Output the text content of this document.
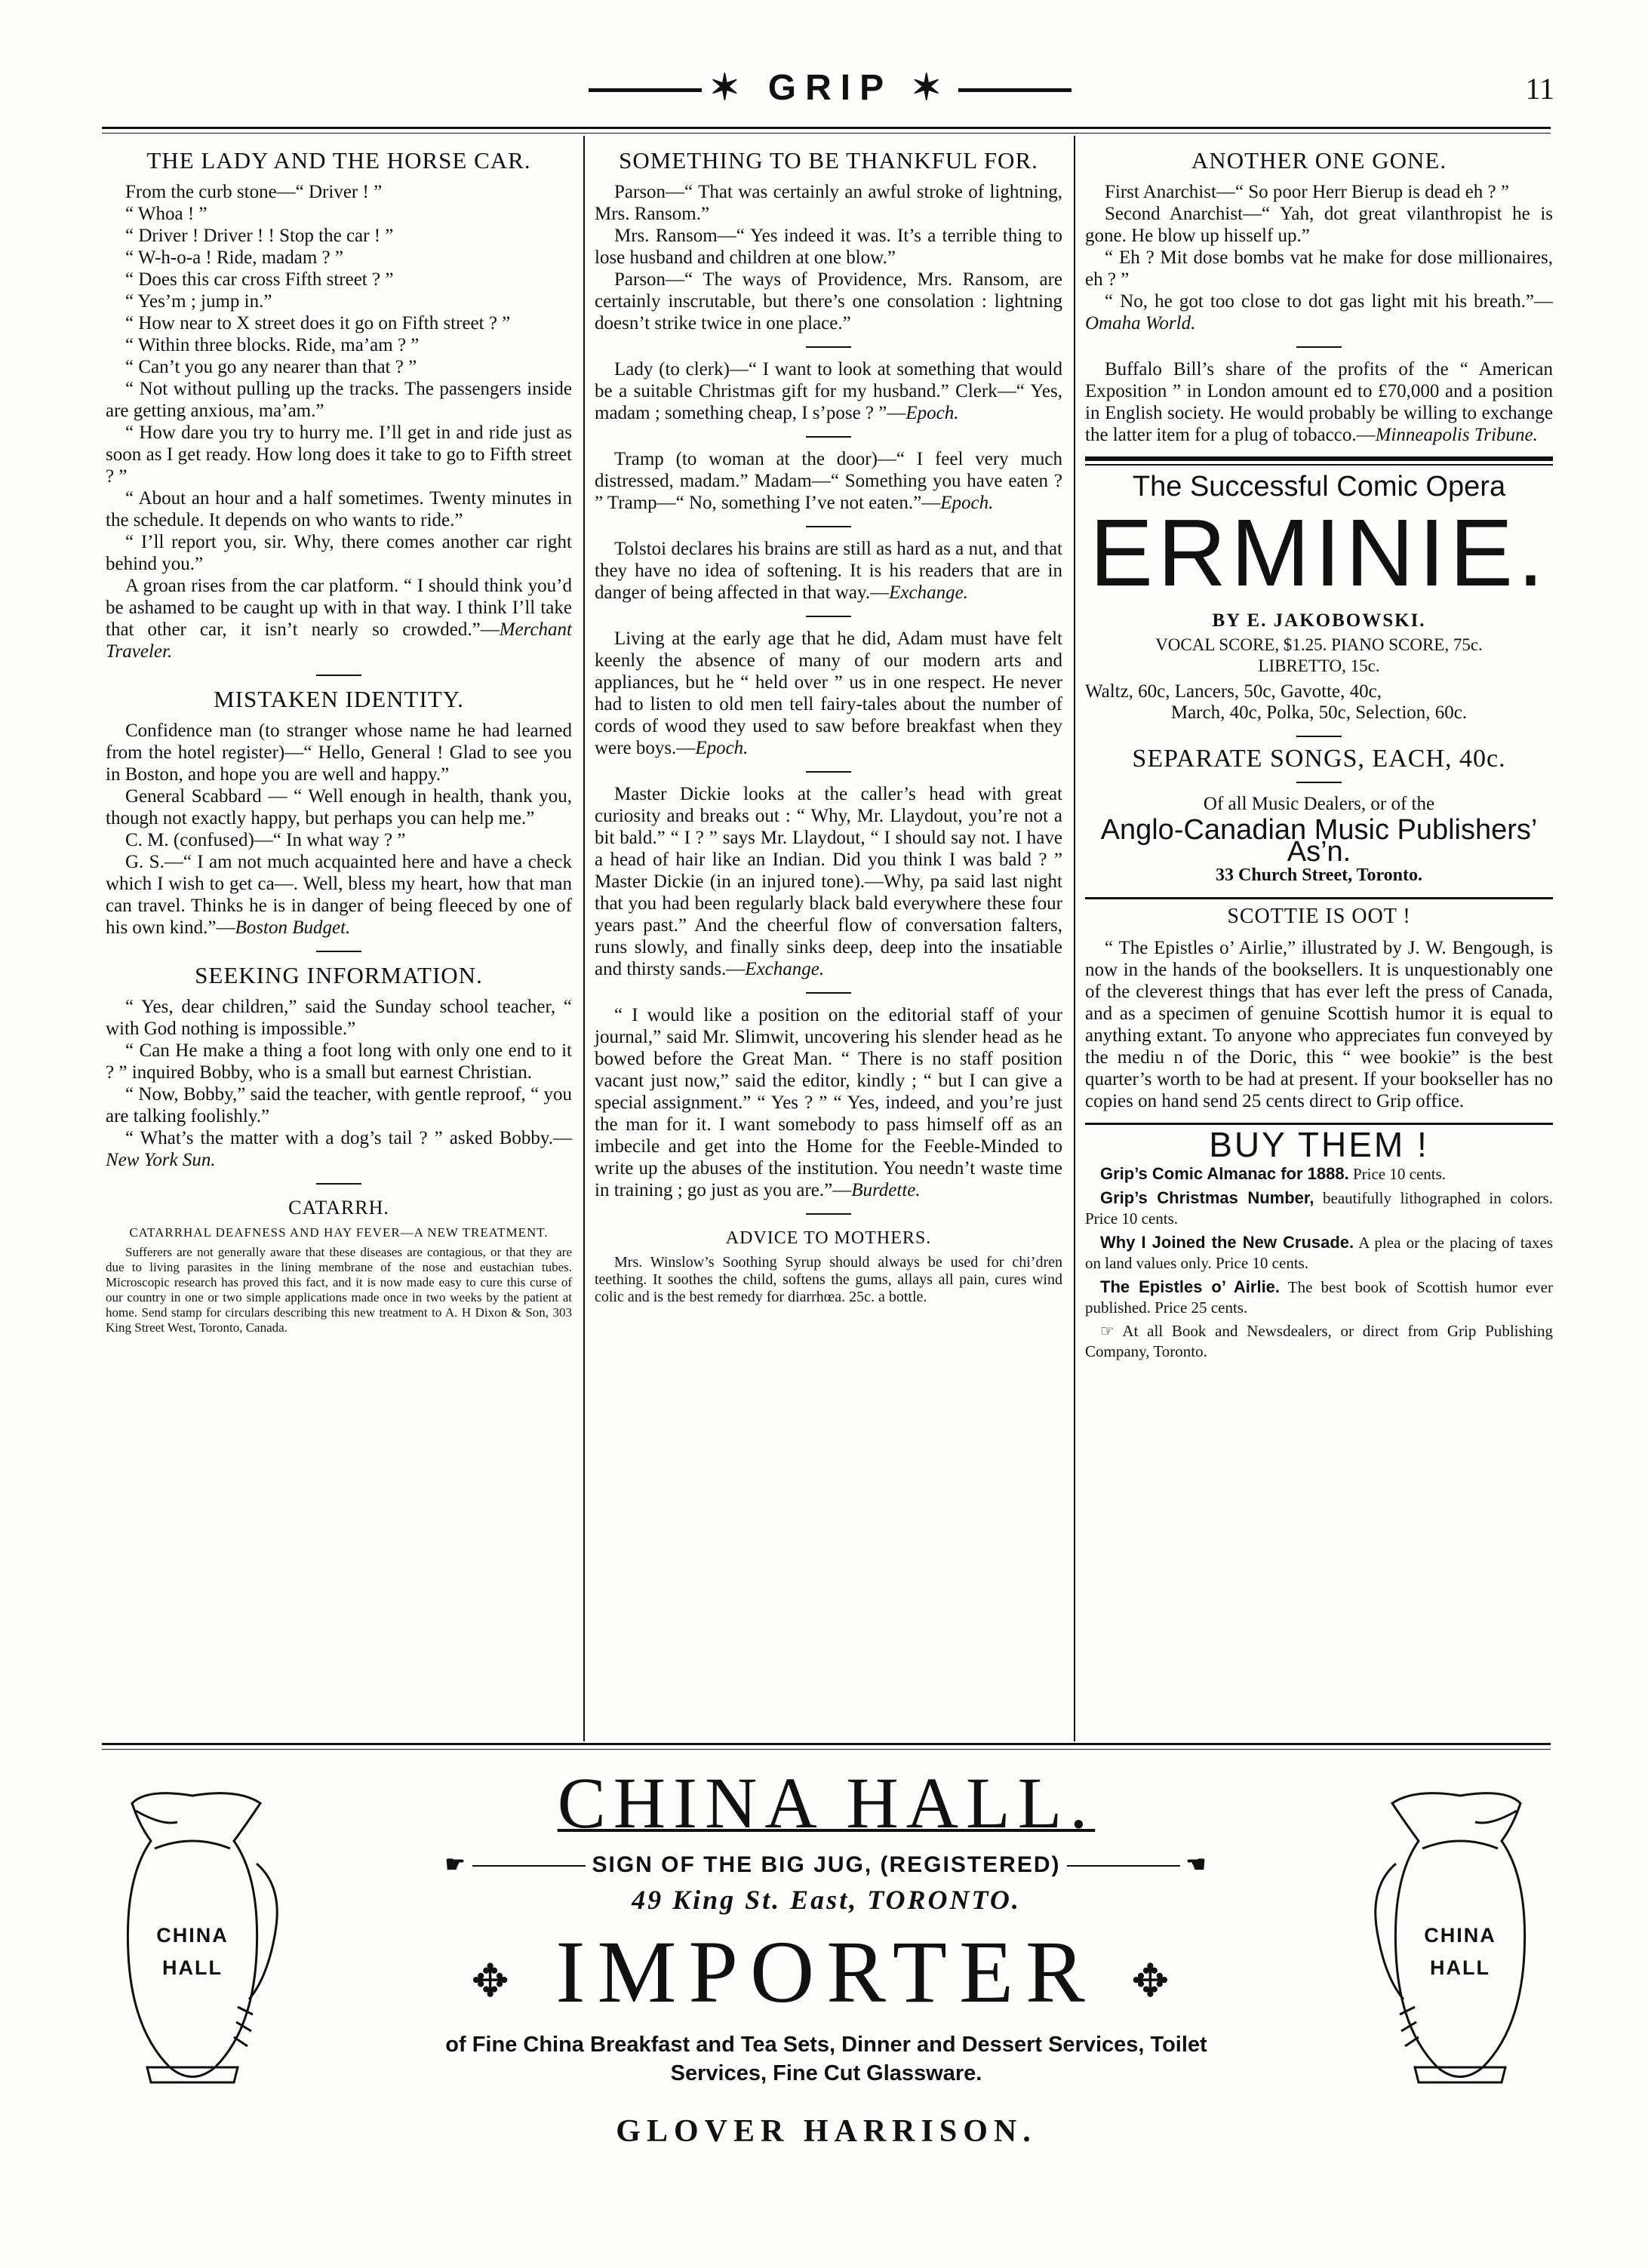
✶ GRIP ✶	11
THE LADY AND THE HORSE CAR.

From the curb stone—“ Driver ! ”

“ Whoa ! ”

“ Driver ! Driver ! ! Stop the car ! ”

“ W-h-o-a ! Ride, madam ? ”

“ Does this car cross Fifth street ? ”

“ Yes’m ; jump in.”

“ How near to X street does it go on Fifth street ? ”

“ Within three blocks. Ride, ma’am ? ”

“ Can’t you go any nearer than that ? ”

“ Not without pulling up the tracks. The passengers inside are getting anxious, ma’am.”

“ How dare you try to hurry me. I’ll get in and ride just as soon as I get ready. How long does it take to go to Fifth street ? ”

“ About an hour and a half sometimes. Twenty minutes in the schedule. It depends on who wants to ride.”

“ I’ll report you, sir. Why, there comes another car right behind you.”

A groan rises from the car platform. “ I should think you’d be ashamed to be caught up with in that way. I think I’ll take that other car, it isn’t nearly so crowded.”—Merchant Traveler.

MISTAKEN IDENTITY.

Confidence man (to stranger whose name he had learned from the hotel register)—“ Hello, General ! Glad to see you in Boston, and hope you are well and happy.”

General Scabbard — “ Well enough in health, thank you, though not exactly happy, but perhaps you can help me.”

C. M. (confused)—“ In what way ? ”

G. S.—“ I am not much acquainted here and have a check which I wish to get ca—. Well, bless my heart, how that man can travel. Thinks he is in danger of being fleeced by one of his own kind.”—Boston Budget.

SEEKING INFORMATION.

“ Yes, dear children,” said the Sunday school teacher, “ with God nothing is impossible.”

“ Can He make a thing a foot long with only one end to it ? ” inquired Bobby, who is a small but earnest Christian.

“ Now, Bobby,” said the teacher, with gentle reproof, “ you are talking foolishly.”

“ What’s the matter with a dog’s tail ? ” asked Bobby.—New York Sun.

CATARRH.
CATARRHAL DEAFNESS AND HAY FEVER—A NEW TREATMENT.

Sufferers are not generally aware that these diseases are contagious, or that they are due to living parasites in the lining membrane of the nose and eustachian tubes. Microscopic research has proved this fact, and it is now made easy to cure this curse of our country in one or two simple applications made once in two weeks by the patient at home. Send stamp for circulars describing this new treatment to A. H Dixon & Son, 303 King Street West, Toronto, Canada.

SOMETHING TO BE THANKFUL FOR.

Parson—“ That was certainly an awful stroke of lightning, Mrs. Ransom.”

Mrs. Ransom—“ Yes indeed it was. It’s a terrible thing to lose husband and children at one blow.”

Parson—“ The ways of Providence, Mrs. Ransom, are certainly inscrutable, but there’s one consolation : lightning doesn’t strike twice in one place.”

Lady (to clerk)—“ I want to look at something that would be a suitable Christmas gift for my husband.” Clerk—“ Yes, madam ; something cheap, I s’pose ? ”—Epoch.

Tramp (to woman at the door)—“ I feel very much distressed, madam.” Madam—“ Something you have eaten ? ” Tramp—“ No, something I’ve not eaten.”—Epoch.

Tolstoi declares his brains are still as hard as a nut, and that they have no idea of softening. It is his readers that are in danger of being affected in that way.—Exchange.

Living at the early age that he did, Adam must have felt keenly the absence of many of our modern arts and appliances, but he “ held over ” us in one respect. He never had to listen to old men tell fairy-tales about the number of cords of wood they used to saw before breakfast when they were boys.—Epoch.

Master Dickie looks at the caller’s head with great curiosity and breaks out : “ Why, Mr. Llaydout, you’re not a bit bald.” “ I ? ” says Mr. Llaydout, “ I should say not. I have a head of hair like an Indian. Did you think I was bald ? ” Master Dickie (in an injured tone).—Why, pa said last night that you had been regularly black bald everywhere these four years past.” And the cheerful flow of conversation falters, runs slowly, and finally sinks deep, deep into the insatiable and thirsty sands.—Exchange.

“ I would like a position on the editorial staff of your journal,” said Mr. Slimwit, uncovering his slender head as he bowed before the Great Man. “ There is no staff position vacant just now,” said the editor, kindly ; “ but I can give a special assignment.” “ Yes ? ” “ Yes, indeed, and you’re just the man for it. I want somebody to pass himself off as an imbecile and get into the Home for the Feeble-Minded to write up the abuses of the institution. You needn’t waste time in training ; go just as you are.”—Burdette.

ADVICE TO MOTHERS.

Mrs. Winslow’s Soothing Syrup should always be used for chi’dren teething. It soothes the child, softens the gums, allays all pain, cures wind colic and is the best remedy for diarrhœa. 25c. a bottle.

ANOTHER ONE GONE.

First Anarchist—“ So poor Herr Bierup is dead eh ? ”

Second Anarchist—“ Yah, dot great vilanthropist he is gone. He blow up hisself up.”

“ Eh ? Mit dose bombs vat he make for dose millionaires, eh ? ”

“ No, he got too close to dot gas light mit his breath.”—Omaha World.

Buffalo Bill’s share of the profits of the “ American Exposition ” in London amount ed to £70,000 and a position in English society. He would probably be willing to exchange the latter item for a plug of tobacco.—Minneapolis Tribune.

The Successful Comic Opera
ERMINIE.
BY E. JAKOBOWSKI.
VOCAL SCORE, $1.25. PIANO SCORE, 75c.
LIBRETTO, 15c.
Waltz, 60c, Lancers, 50c, Gavotte, 40c,
March, 40c, Polka, 50c, Selection, 60c.
SEPARATE SONGS, EACH, 40c.
Of all Music Dealers, or of the
Anglo-Canadian Music Publishers’ As’n.
33 Church Street, Toronto.
SCOTTIE IS OOT !

“ The Epistles o’ Airlie,” illustrated by J. W. Bengough, is now in the hands of the booksellers. It is unquestionably one of the cleverest things that has ever left the press of Canada, and as a specimen of genuine Scottish humor it is equal to anything extant. To anyone who appreciates fun conveyed by the mediu n of the Doric, this “ wee bookie” is the best quarter’s worth to be had at present. If your bookseller has no copies on hand send 25 cents direct to Grip office.

BUY THEM !
Grip’s Comic Almanac for 1888. Price 10 cents.
Grip’s Christmas Number, beautifully lithographed in colors. Price 10 cents.
Why I Joined the New Crusade. A plea or the placing of taxes on land values only. Price 10 cents.
The Epistles o’ Airlie. The best book of Scottish humor ever published. Price 25 cents.
☞ At all Book and Newsdealers, or direct from Grip Publishing Company, Toronto.
CHINA
HALL
CHINA
HALL
CHINA HALL.
☛	SIGN OF THE BIG JUG, (REGISTERED)	☚
49 King St. East, TORONTO.
✥ IMPORTER ✥
of Fine China Breakfast and Tea Sets, Dinner and Dessert Services, Toilet
Services, Fine Cut Glassware.
GLOVER HARRISON.
